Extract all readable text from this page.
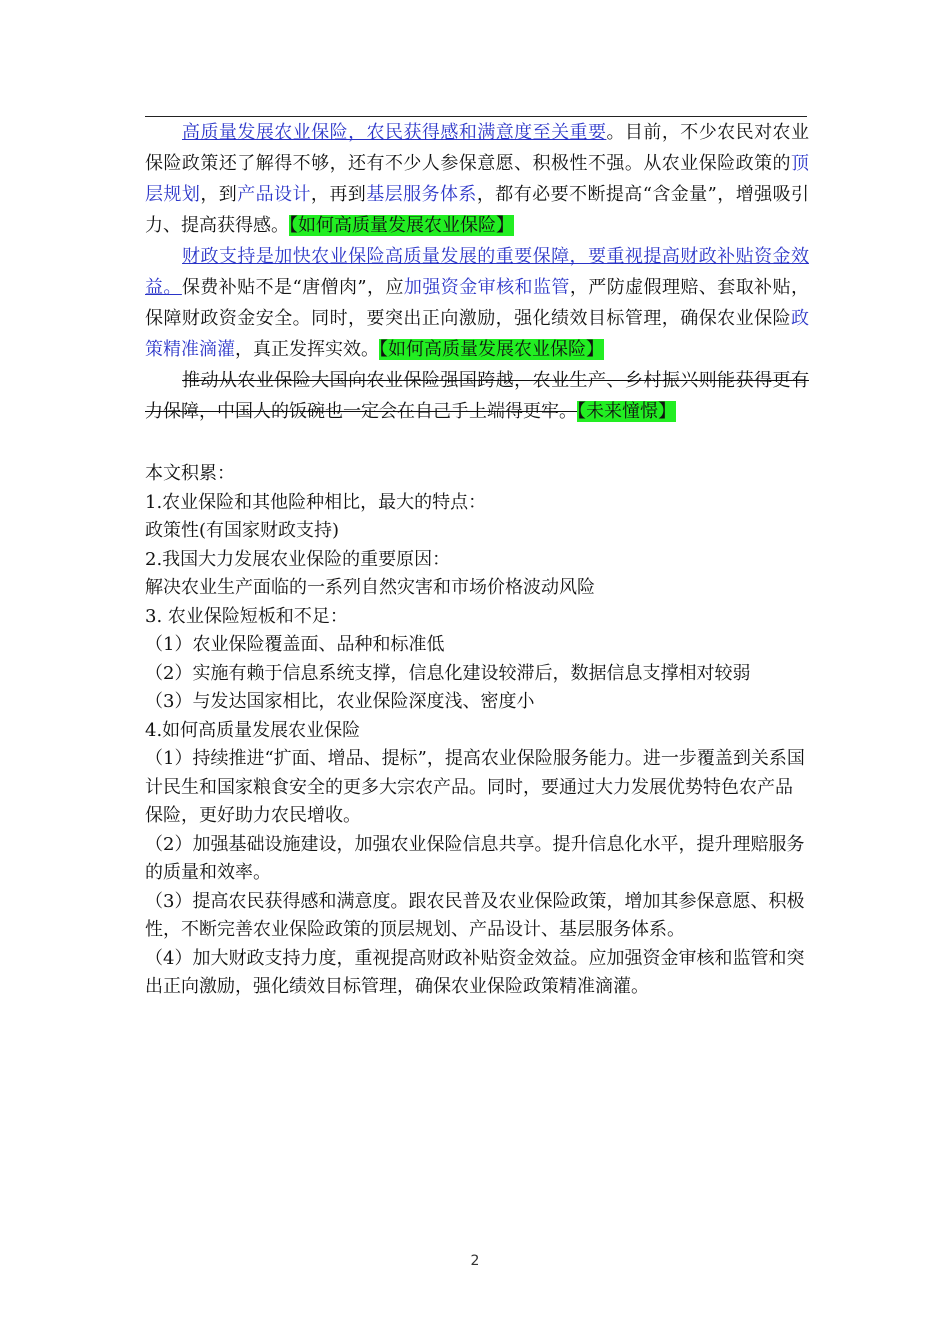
高质量发展农业保险，农民获得感和满意度至关重要。目前，不少农民对农业保险政策还了解得不够，还有不少人参保意愿、积极性不强。从农业保险政策的顶层规划，到产品设计，再到基层服务体系，都有必要不断提高“含金量”，增强吸引力、提高获得感。【如何高质量发展农业保险】

财政支持是加快农业保险高质量发展的重要保障，要重视提高财政补贴资金效益。保费补贴不是“唐僧肉”，应加强资金审核和监管，严防虚假理赔、套取补贴，保障财政资金安全。同时，要突出正向激励，强化绩效目标管理，确保农业保险政策精准滴灌，真正发挥实效。【如何高质量发展农业保险】

推动从农业保险大国向农业保险强国跨越，农业生产、乡村振兴则能获得更有力保障，中国人的饭碗也一定会在自己手上端得更牢。【未来憧憬】

本文积累：

1.农业保险和其他险种相比，最大的特点：

政策性(有国家财政支持)

2.我国大力发展农业保险的重要原因：

解决农业生产面临的一系列自然灾害和市场价格波动风险

3. 农业保险短板和不足：

（1）农业保险覆盖面、品种和标准低

（2）实施有赖于信息系统支撑，信息化建设较滞后，数据信息支撑相对较弱

（3）与发达国家相比，农业保险深度浅、密度小

4.如何高质量发展农业保险

（1）持续推进“扩面、增品、提标”，提高农业保险服务能力。进一步覆盖到关系国计民生和国家粮食安全的更多大宗农产品。同时，要通过大力发展优势特色农产品保险，更好助力农民增收。

（2）加强基础设施建设，加强农业保险信息共享。提升信息化水平，提升理赔服务的质量和效率。

（3）提高农民获得感和满意度。跟农民普及农业保险政策，增加其参保意愿、积极性，不断完善农业保险政策的顶层规划、产品设计、基层服务体系。

（4）加大财政支持力度，重视提高财政补贴资金效益。应加强资金审核和监管和突出正向激励，强化绩效目标管理，确保农业保险政策精准滴灌。

2
